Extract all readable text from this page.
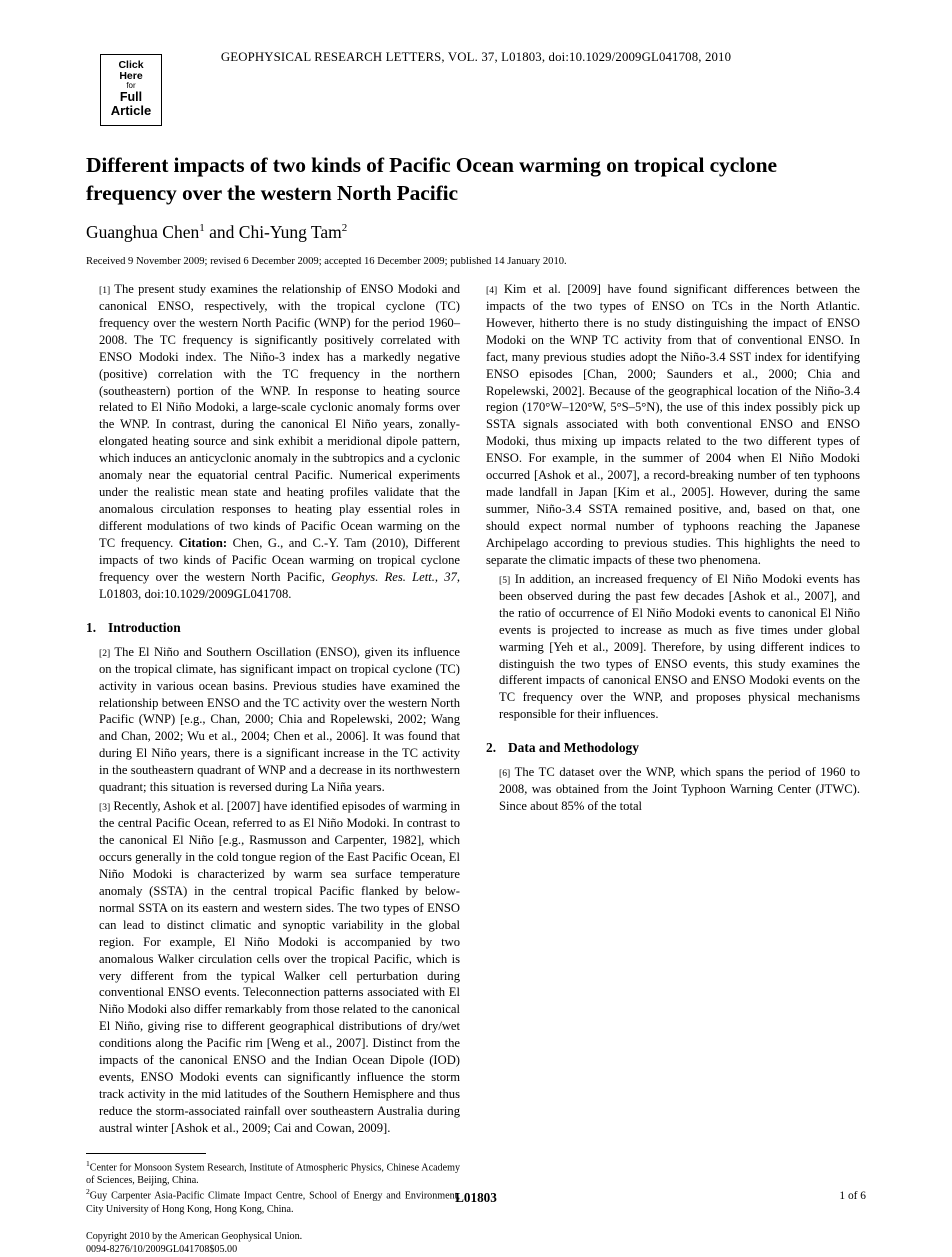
Click
Here
for
Full
Article
GEOPHYSICAL RESEARCH LETTERS, VOL. 37, L01803, doi:10.1029/2009GL041708, 2010
Different impacts of two kinds of Pacific Ocean warming on tropical cyclone frequency over the western North Pacific
Guanghua Chen$^1$ and Chi-Yung Tam$^2$
Received 9 November 2009; revised 6 December 2009; accepted 16 December 2009; published 14 January 2010.

[1] The present study examines the relationship of ENSO Modoki and canonical ENSO, respectively, with the tropical cyclone (TC) frequency over the western North Pacific (WNP) for the period 1960–2008. The TC frequency is significantly positively correlated with ENSO Modoki index. The Niño-3 index has a markedly negative (positive) correlation with the TC frequency in the northern (southeastern) portion of the WNP. In response to heating source related to El Niño Modoki, a large-scale cyclonic anomaly forms over the WNP. In contrast, during the canonical El Niño years, zonally-elongated heating source and sink exhibit a meridional dipole pattern, which induces an anticyclonic anomaly in the subtropics and a cyclonic anomaly near the equatorial central Pacific. Numerical experiments under the realistic mean state and heating profiles validate that the anomalous circulation responses to heating play essential roles in different modulations of two kinds of Pacific Ocean warming on the TC frequency. Citation: Chen, G., and C.-Y. Tam (2010), Different impacts of two kinds of Pacific Ocean warming on tropical cyclone frequency over the western North Pacific, Geophys. Res. Lett., 37, L01803, doi:10.1029/2009GL041708.

1. Introduction

[2] The El Niño and Southern Oscillation (ENSO), given its influence on the tropical climate, has significant impact on tropical cyclone (TC) activity in various ocean basins. Previous studies have examined the relationship between ENSO and the TC activity over the western North Pacific (WNP) [e.g., Chan, 2000; Chia and Ropelewski, 2002; Wang and Chan, 2002; Wu et al., 2004; Chen et al., 2006]. It was found that during El Niño years, there is a significant increase in the TC activity in the southeastern quadrant of WNP and a decrease in its northwestern quadrant; this situation is reversed during La Niña years.

[3] Recently, Ashok et al. [2007] have identified episodes of warming in the central Pacific Ocean, referred to as El Niño Modoki. In contrast to the canonical El Niño [e.g., Rasmusson and Carpenter, 1982], which occurs generally in the cold tongue region of the East Pacific Ocean, El Niño Modoki is characterized by warm sea surface temperature anomaly (SSTA) in the central tropical Pacific flanked by below-normal SSTA on its eastern and western sides. The two types of ENSO can lead to distinct climatic and synoptic variability in the global region. For example, El Niño Modoki is accompanied by two anomalous Walker circulation cells over the tropical Pacific, which is very different from the typical Walker cell perturbation during conventional ENSO events. Teleconnection patterns associated with El Niño Modoki also differ remarkably from those related to the canonical El Niño, giving rise to different geographical distributions of dry/wet conditions along the Pacific rim [Weng et al., 2007]. Distinct from the impacts of the canonical ENSO and the Indian Ocean Dipole (IOD) events, ENSO Modoki events can significantly influence the storm track activity in the mid latitudes of the Southern Hemisphere and thus reduce the storm-associated rainfall over southeastern Australia during austral winter [Ashok et al., 2009; Cai and Cowan, 2009].

$^1$Center for Monsoon System Research, Institute of Atmospheric Physics, Chinese Academy of Sciences, Beijing, China.

$^2$Guy Carpenter Asia-Pacific Climate Impact Centre, School of Energy and Environment, City University of Hong Kong, Hong Kong, China.

Copyright 2010 by the American Geophysical Union.
0094-8276/10/2009GL041708$05.00

[4] Kim et al. [2009] have found significant differences between the impacts of the two types of ENSO on TCs in the North Atlantic. However, hitherto there is no study distinguishing the impact of ENSO Modoki on the WNP TC activity from that of conventional ENSO. In fact, many previous studies adopt the Niño-3.4 SST index for identifying ENSO episodes [Chan, 2000; Saunders et al., 2000; Chia and Ropelewski, 2002]. Because of the geographical location of the Niño-3.4 region (170°W–120°W, 5°S–5°N), the use of this index possibly pick up SSTA signals associated with both conventional ENSO and ENSO Modoki, thus mixing up impacts related to the two different types of ENSO. For example, in the summer of 2004 when El Niño Modoki occurred [Ashok et al., 2007], a record-breaking number of ten typhoons made landfall in Japan [Kim et al., 2005]. However, during the same summer, Niño-3.4 SSTA remained positive, and, based on that, one should expect normal number of typhoons reaching the Japanese Archipelago according to previous studies. This highlights the need to separate the climatic impacts of these two phenomena.

[5] In addition, an increased frequency of El Niño Modoki events has been observed during the past few decades [Ashok et al., 2007], and the ratio of occurrence of El Niño Modoki events to canonical El Niño events is projected to increase as much as five times under global warming [Yeh et al., 2009]. Therefore, by using different indices to distinguish the two types of ENSO events, this study examines the different impacts of canonical ENSO and ENSO Modoki events on the TC frequency over the WNP, and proposes physical mechanisms responsible for their influences.

2. Data and Methodology

[6] The TC dataset over the WNP, which spans the period of 1960 to 2008, was obtained from the Joint Typhoon Warning Center (JTWC). Since about 85% of the total

L01803	1 of 6
